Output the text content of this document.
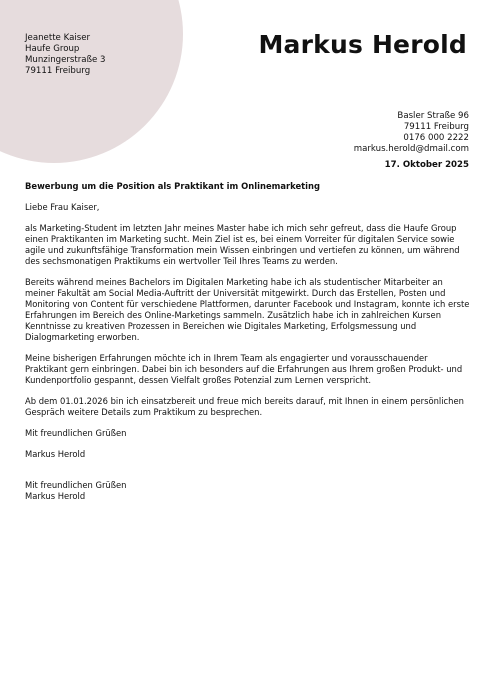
Jeanette Kaiser
Haufe Group
Munzingerstraße 3
79111 Freiburg
Markus Herold
Basler Straße 96
79111 Freiburg
0176 000 2222
markus.herold@dmail.com
17. Oktober 2025

Bewerbung um die Position als Praktikant im Onlinemarketing

Liebe Frau Kaiser,

als Marketing-Student im letzten Jahr meines Master habe ich mich sehr gefreut, dass die Haufe Group einen Praktikanten im Marketing sucht. Mein Ziel ist es, bei einem Vorreiter für digitalen Service sowie agile und zukunftsfähige Transformation mein Wissen einbringen und vertiefen zu können, um während des sechsmonatigen Praktikums ein wertvoller Teil Ihres Teams zu werden.

Bereits während meines Bachelors im Digitalen Marketing habe ich als studentischer Mitarbeiter an meiner Fakultät am Social Media-Auftritt der Universität mitgewirkt. Durch das Erstellen, Posten und Monitoring von Content für verschiedene Plattformen, darunter Facebook und Instagram, konnte ich erste Erfahrungen im Bereich des Online-Marketings sammeln. Zusätzlich habe ich in zahlreichen Kursen Kenntnisse zu kreativen Prozessen in Bereichen wie Digitales Marketing, Erfolgsmessung und Dialogmarketing erworben.

Meine bisherigen Erfahrungen möchte ich in Ihrem Team als engagierter und vorausschauender Praktikant gern einbringen. Dabei bin ich besonders auf die Erfahrungen aus Ihrem großen Produkt- und Kundenportfolio gespannt, dessen Vielfalt großes Potenzial zum Lernen verspricht.

Ab dem 01.01.2026 bin ich einsatzbereit und freue mich bereits darauf, mit Ihnen in einem persönlichen Gespräch weitere Details zum Praktikum zu besprechen.

Mit freundlichen Grüßen

Markus Herold

Mit freundlichen Grüßen

Markus Herold
